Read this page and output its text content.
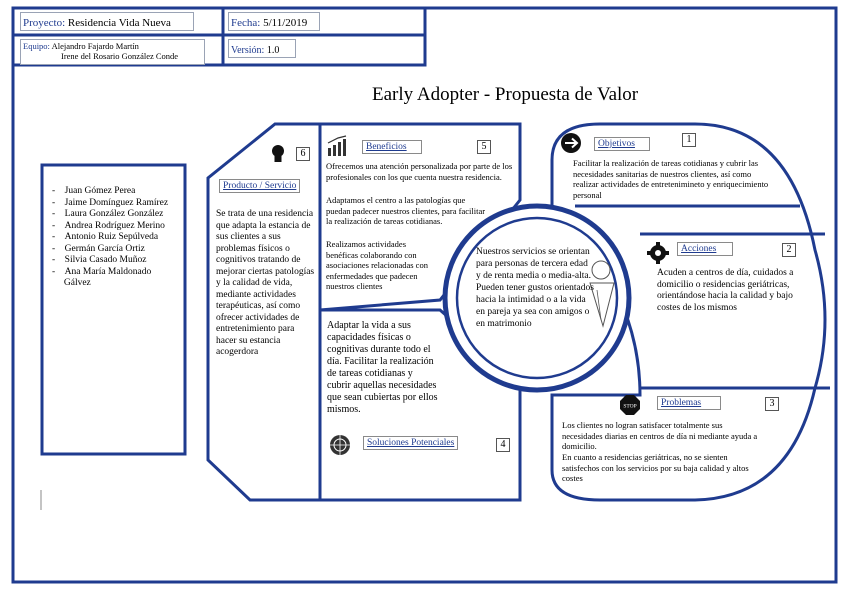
STOP
Proyecto: Residencia Vida Nueva	Fecha: 5/11/2019
Equipo: Alejandro Fajardo Martín
Irene del Rosario González Conde	Versión: 1.0
Early Adopter - Propuesta de Valor
-    Juan Gómez Perea
-    Jaime Domínguez Ramírez
-    Laura González González
-    Andrea Rodríguez Merino
-    Antonio Ruiz Sepúlveda
-    Germán García Ortiz
-    Silvia Casado Muñoz
-    Ana María Maldonado
Gálvez
6
Producto / Servicio
Se trata de una residencia que adapta la estancia de sus clientes a sus problemas físicos o cognitivos tratando de mejorar ciertas patologías y la calidad de vida, mediante actividades terapéuticas, así como ofrecer actividades de entretenimiento para hacer su estancia acogerdora
Beneficios	5
Ofrecemos una atención personalizada por parte de los profesionales con los que cuenta nuestra residencia.
Adaptamos el centro a las patologías que puedan padecer nuestros clientes, para facilitar la realización de tareas cotidianas.
Realizamos actividades benéficas colaborando con asociaciones relacionadas con enfermedades que padecen nuestros clientes
Adaptar la vida a sus capacidades físicas o cognitivas durante todo el día. Facilitar la realización de tareas cotidianas y cubrir aquellas necesidades que sean cubiertas por ellos mismos.
Soluciones Potenciales	4
Nuestros servicios se orientan para personas de tercera edad y de renta media o media-alta. Pueden tener gustos orientados hacia la intimidad o a la vida en pareja ya sea con amigos o en matrimonio
Objetivos	1
Facilitar la realización de tareas cotidianas y cubrir las necesidades sanitarias de nuestros clientes, así como realizar actividades de entretenimineto y enriquecimiento personal
Acciones	2
Acuden a centros de día, cuidados a domicilio o residencias geriátricas, orientándose hacia la calidad y bajo costes de los mismos
Problemas	3
Los clientes no logran satisfacer totalmente sus necesidades diarias en centros de día ni mediante ayuda a domicilio.
En cuanto a residencias geriátricas, no se sienten satisfechos con los servicios por su baja calidad y altos costes
